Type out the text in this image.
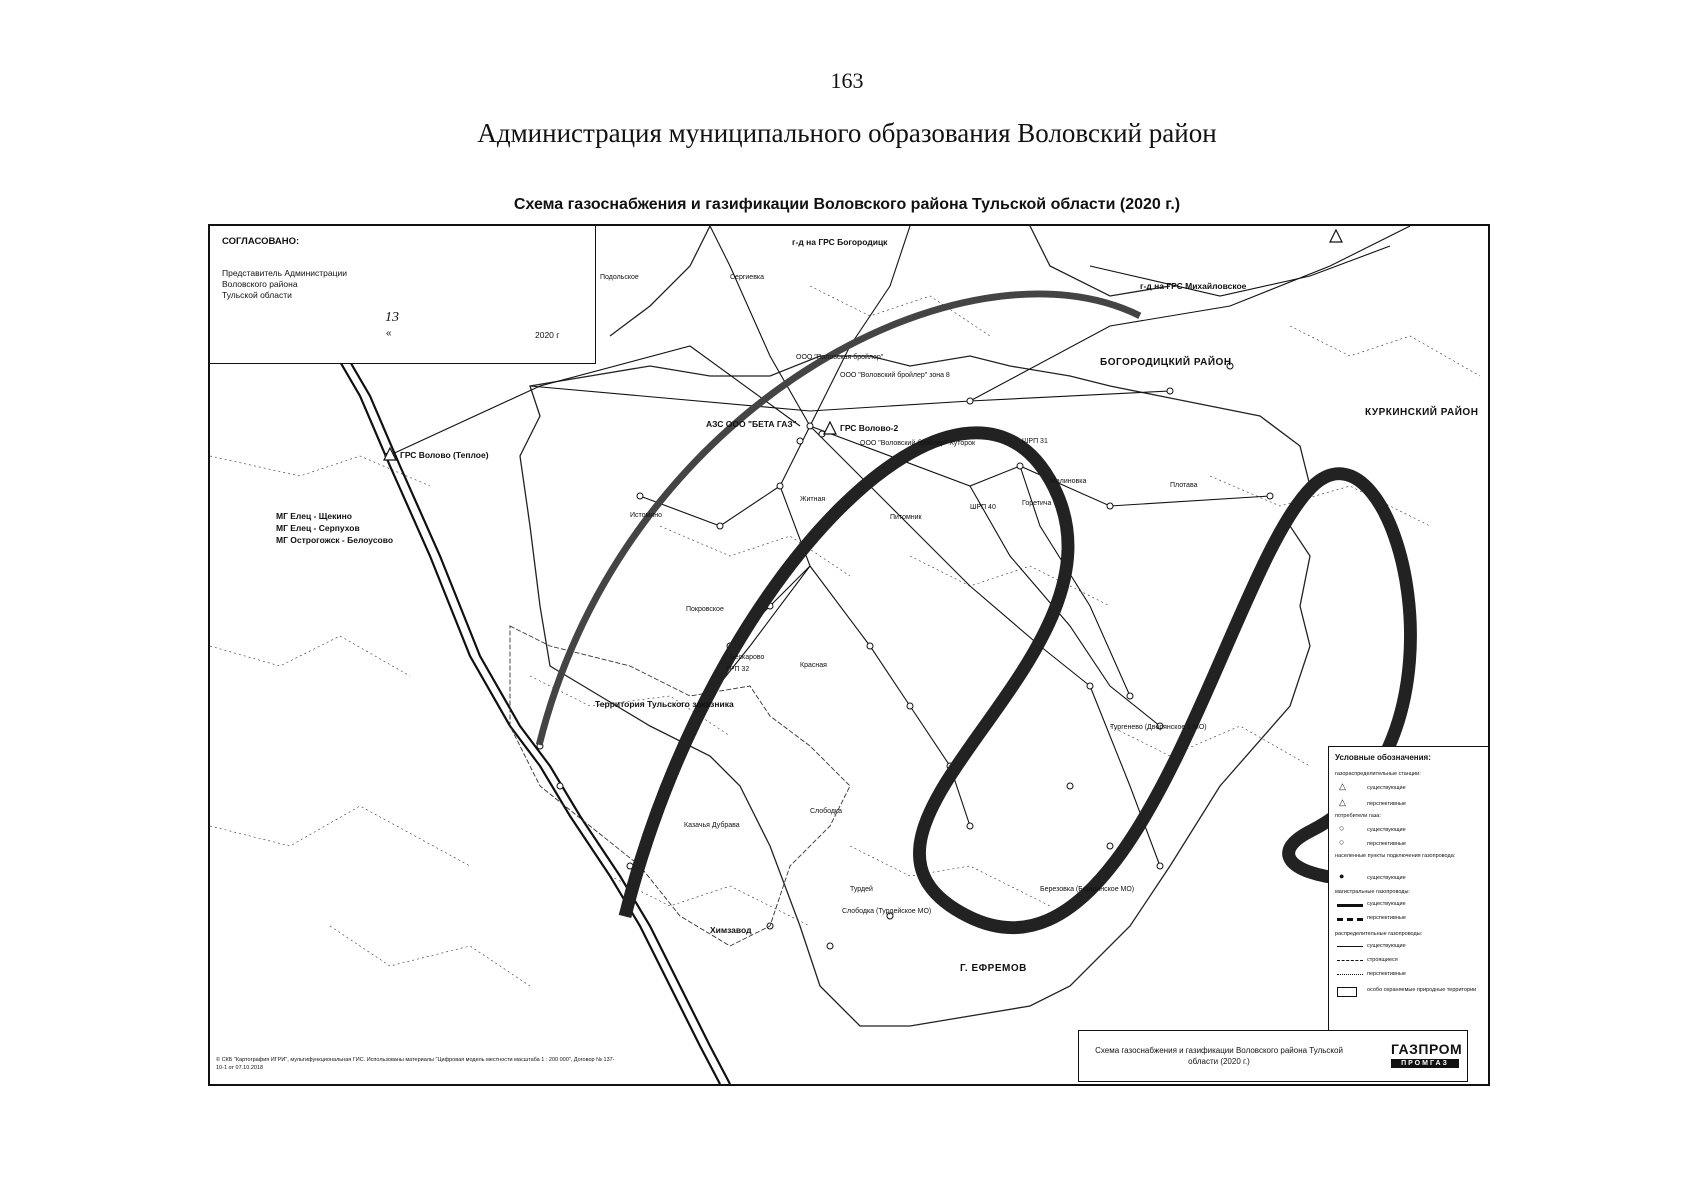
163
Администрация муниципального образования Воловский район
Схема газоснабжения и газификации Воловского района Тульской области (2020 г.)
СОГЛАСОВАНО:
Представитель Администрации
Воловского района
Тульской области
«
13
2020 г
г-д на ГРС Богородицк
г-д на ГРС Михайловское
БОГОРОДИЦКИЙ РАЙОН
КУРКИНСКИЙ РАЙОН
ГРС Волово-2
ГРС Волово (Теплое)
МГ Елец - Щекино
МГ Елец - Серпухов
МГ Острогожск - Белоусово
ООО "Воловская бройлер"
ООО "Воловский бройлер" зона 8
ООО "Воловский бройлер" Хуторок
АЗС ООО "БЕТА ГАЗ"
Территория Тульского заказника
Химзавод
Г. ЕФРЕМОВ
ГРП 32
ШРП 31
ШРП 40
Истомино
Покровское
Бескарово
Красная
Слободка
Плотава
Горетича
Малиновка
Тургенево (Дворянское 1 МО)
Березовка (Борщинское МО)
Слободка (Турдейское МО)
Турдей
Казачья Дубрава
Житная
Сергиевка
Подольское
Питомник
Условные обозначения:
газораспределительные станции:
△	существующие
△	перспективные
потребители газа:
○	существующие
○	перспективные
населенные пункты подключения газопровода:
●	существующие
магистральные газопроводы:
существующие
перспективные
распределительные газопроводы:
существующие
строящиеся
перспективные
особо охраняемые природные территории
© СКБ "Картография ИГРИ", мультифункциональная ГИС. Использованы материалы "Цифровая модель местности масштаба 1 : 200 000", Договор № 137-10-1 от 07.10.2018
Схема газоснабжения и газификации Воловского района Тульской области (2020 г.)
ГАЗПРОМ
ПРОМГАЗ
